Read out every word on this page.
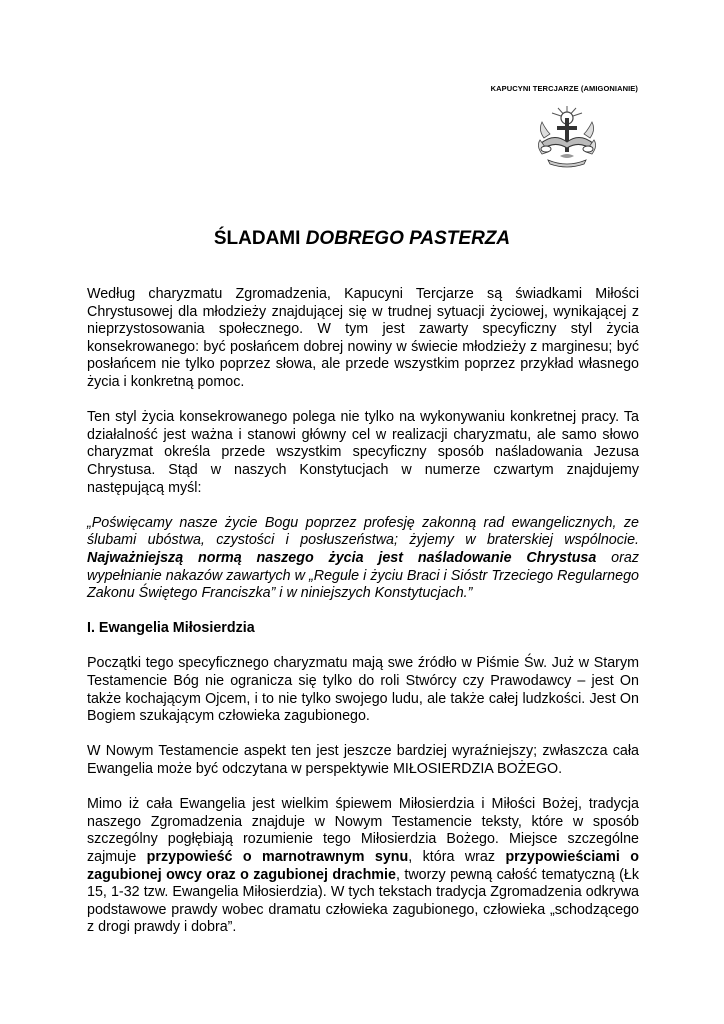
KAPUCYNI TERCJARZE (AMIGONIANIE)
ŚLADAMI DOBREGO PASTERZA

Według charyzmatu Zgromadzenia, Kapucyni Tercjarze są świadkami Miłości Chrystusowej dla młodzieży znajdującej się w trudnej sytuacji życiowej, wynikającej z nieprzystosowania społecznego. W tym jest zawarty specyficzny styl życia konsekrowanego: być posłańcem dobrej nowiny w świecie młodzieży z marginesu; być posłańcem nie tylko poprzez słowa, ale przede wszystkim poprzez przykład własnego życia i konkretną pomoc.

Ten styl życia konsekrowanego polega nie tylko na wykonywaniu konkretnej pracy. Ta działalność jest ważna i stanowi główny cel w realizacji charyzmatu, ale samo słowo charyzmat określa przede wszystkim specyficzny sposób naśladowania Jezusa Chrystusa. Stąd w naszych Konstytucjach w numerze czwartym znajdujemy następującą myśl:

„Poświęcamy nasze życie Bogu poprzez profesję zakonną rad ewangelicznych, ze ślubami ubóstwa, czystości i posłuszeństwa; żyjemy w braterskiej wspólnocie. Najważniejszą normą naszego życia jest naśladowanie Chrystusa oraz wypełnianie nakazów zawartych w „Regule i życiu Braci i Sióstr Trzeciego Regularnego Zakonu Świętego Franciszka” i w niniejszych Konstytucjach.”

I. Ewangelia Miłosierdzia

Początki tego specyficznego charyzmatu mają swe źródło w Piśmie Św. Już w Starym Testamencie Bóg nie ogranicza się tylko do roli Stwórcy czy Prawodawcy – jest On także kochającym Ojcem, i to nie tylko swojego ludu, ale także całej ludzkości. Jest On Bogiem szukającym człowieka zagubionego.

W Nowym Testamencie aspekt ten jest jeszcze bardziej wyraźniejszy; zwłaszcza cała Ewangelia może być odczytana w perspektywie MIŁOSIERDZIA BOŻEGO.

Mimo iż cała Ewangelia jest wielkim śpiewem Miłosierdzia i Miłości Bożej, tradycja naszego Zgromadzenia znajduje w Nowym Testamencie teksty, które w sposób szczególny pogłębiają rozumienie tego Miłosierdzia Bożego. Miejsce szczególne zajmuje przypowieść o marnotrawnym synu, która wraz przypowieściami o zagubionej owcy oraz o zagubionej drachmie, tworzy pewną całość tematyczną (Łk 15, 1-32 tzw. Ewangelia Miłosierdzia). W tych tekstach tradycja Zgromadzenia odkrywa podstawowe prawdy wobec dramatu człowieka zagubionego, człowieka „schodzącego z drogi prawdy i dobra”.
